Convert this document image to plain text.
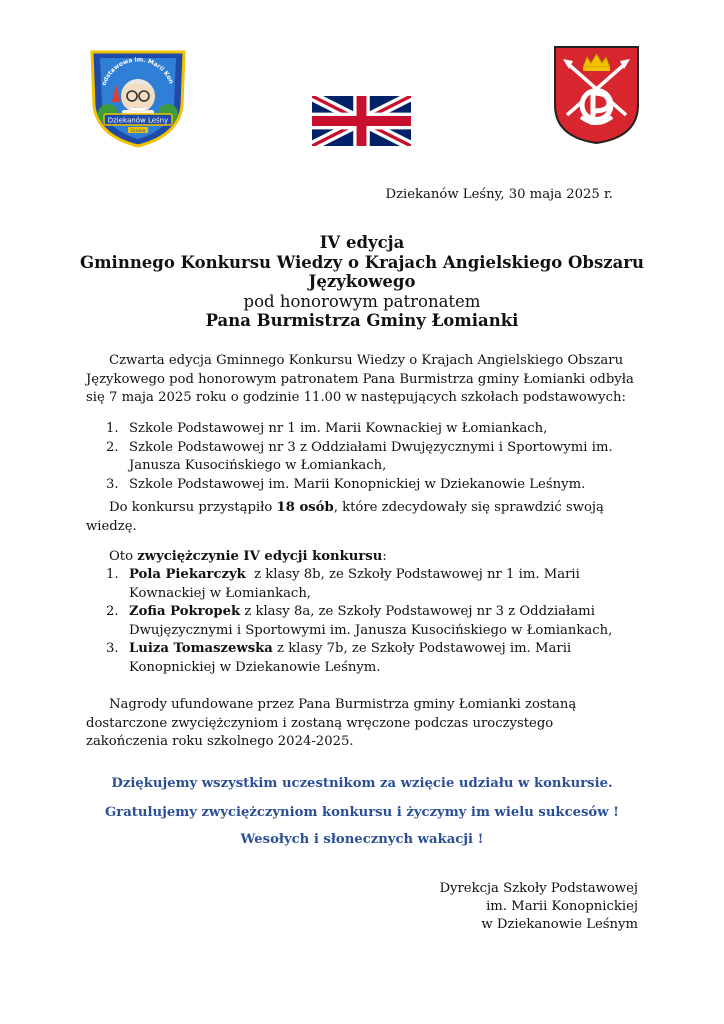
odstawowa im. Marii Kon
Dziekanów Leśny
Gmina
Dziekanów Leśny, 30 maja 2025 r.
IV edycja
Gminnego Konkursu Wiedzy o Krajach Angielskiego Obszaru
Językowego
pod honorowym patronatem
Pana Burmistrza Gminy Łomianki
Czwarta edycja Gminnego Konkursu Wiedzy o Krajach Angielskiego Obszaru Językowego pod honorowym patronatem Pana Burmistrza gminy Łomianki odbyła się 7 maja 2025 roku o godzinie 11.00 w następujących szkołach podstawowych:
1. Szkole Podstawowej nr 1 im. Marii Kownackiej w Łomiankach,
2. Szkole Podstawowej nr 3 z Oddziałami Dwujęzycznymi i Sportowymi im. Janusza Kusocińskiego w Łomiankach,
3. Szkole Podstawowej im. Marii Konopnickiej w Dziekanowie Leśnym.
Do konkursu przystąpiło 18 osób, które zdecydowały się sprawdzić swoją wiedzę.
Oto zwyciężczynie IV edycji konkursu:
1. Pola Piekarczyk  z klasy 8b, ze Szkoły Podstawowej nr 1 im. Marii Kownackiej w Łomiankach,
2. Zofia Pokropek z klasy 8a, ze Szkoły Podstawowej nr 3 z Oddziałami Dwujęzycznymi i Sportowymi im. Janusza Kusocińskiego w Łomiankach,
3. Luiza Tomaszewska z klasy 7b, ze Szkoły Podstawowej im. Marii Konopnickiej w Dziekanowie Leśnym.
Nagrody ufundowane przez Pana Burmistrza gminy Łomianki zostaną dostarczone zwyciężczyniom i zostaną wręczone podczas uroczystego zakończenia roku szkolnego 2024-2025.
Dziękujemy wszystkim uczestnikom za wzięcie udziału w konkursie.
Gratulujemy zwyciężczyniom konkursu i życzymy im wielu sukcesów !
Wesołych i słonecznych wakacji !
Dyrekcja Szkoły Podstawowej
im. Marii Konopnickiej
w Dziekanowie Leśnym
